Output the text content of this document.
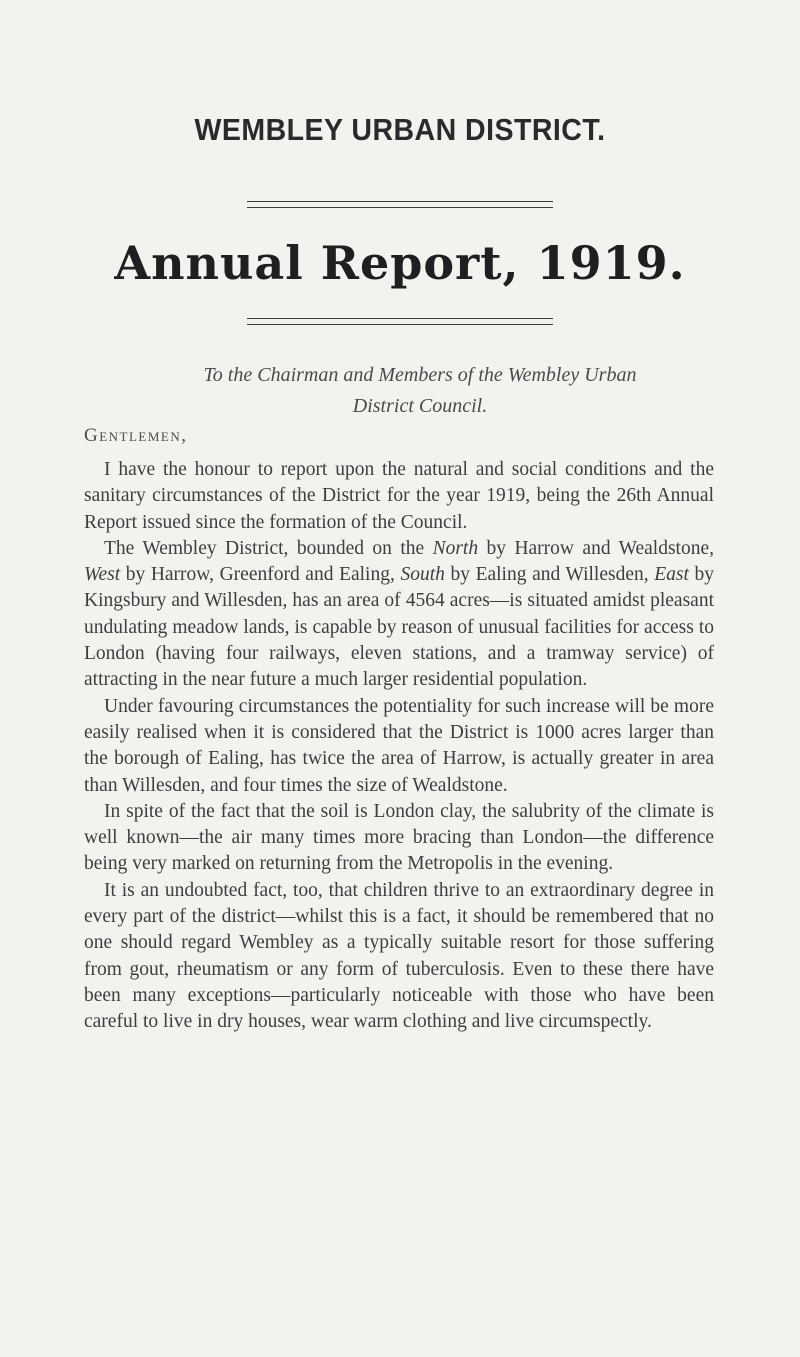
WEMBLEY URBAN DISTRICT.
Annual Report, 1919.
To the Chairman and Members of the Wembley Urban
District Council.
Gentlemen,

I have the honour to report upon the natural and social conditions and the sanitary circumstances of the District for the year 1919, being the 26th Annual Report issued since the formation of the Council.

The Wembley District, bounded on the North by Harrow and Wealdstone, West by Harrow, Greenford and Ealing, South by Ealing and Willesden, East by Kingsbury and Willesden, has an area of 4564 acres—is situated amidst pleasant undulating meadow lands, is capable by reason of unusual facilities for access to London (having four railways, eleven stations, and a tramway service) of attracting in the near future a much larger residential population.

Under favouring circumstances the potentiality for such increase will be more easily realised when it is considered that the District is 1000 acres larger than the borough of Ealing, has twice the area of Harrow, is actually greater in area than Willesden, and four times the size of Wealdstone.

In spite of the fact that the soil is London clay, the salubrity of the climate is well known—the air many times more bracing than London—the difference being very marked on returning from the Metropolis in the evening.

It is an undoubted fact, too, that children thrive to an extraordinary degree in every part of the district—whilst this is a fact, it should be remembered that no one should regard Wembley as a typically suitable resort for those suffering from gout, rheumatism or any form of tuberculosis. Even to these there have been many exceptions—particularly noticeable with those who have been careful to live in dry houses, wear warm clothing and live circumspectly.
